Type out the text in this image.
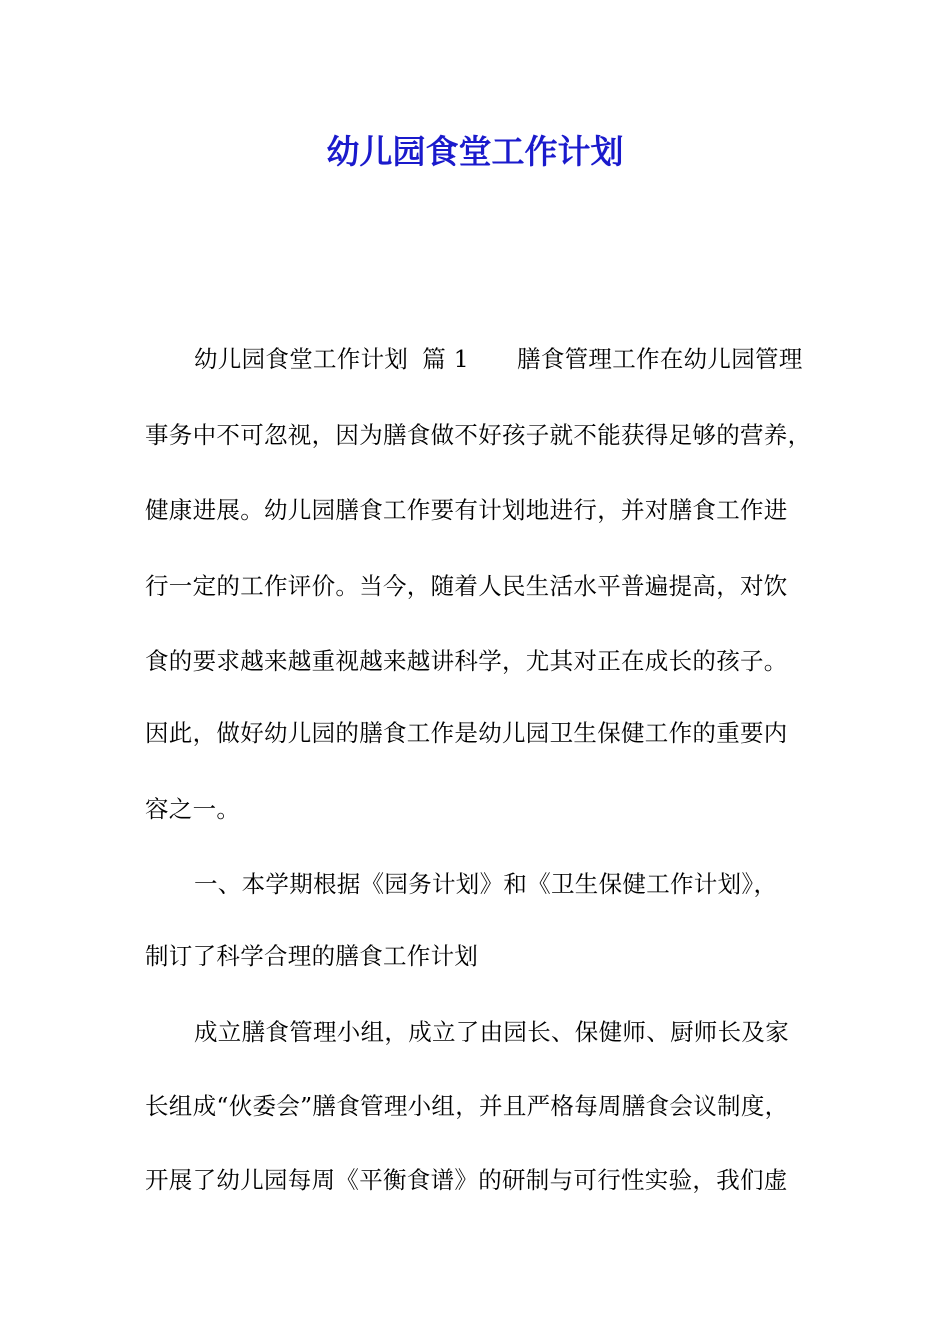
幼儿园食堂工作计划
幼儿园食堂工作计划 篇 1 膳食管理工作在幼儿园管理
事务中不可忽视，因为膳食做不好孩子就不能获得足够的营养，
健康进展。幼儿园膳食工作要有计划地进行，并对膳食工作进
行一定的工作评价。当今，随着人民生活水平普遍提高，对饮
食的要求越来越重视越来越讲科学，尤其对正在成长的孩子。
因此，做好幼儿园的膳食工作是幼儿园卫生保健工作的重要内
容之一。
一、本学期根据《园务计划》和《卫生保健工作计划》，
制订了科学合理的膳食工作计划
成立膳食管理小组，成立了由园长、保健师、厨师长及家
长组成“伙委会”膳食管理小组，并且严格每周膳食会议制度，
开展了幼儿园每周《平衡食谱》的研制与可行性实验，我们虚
